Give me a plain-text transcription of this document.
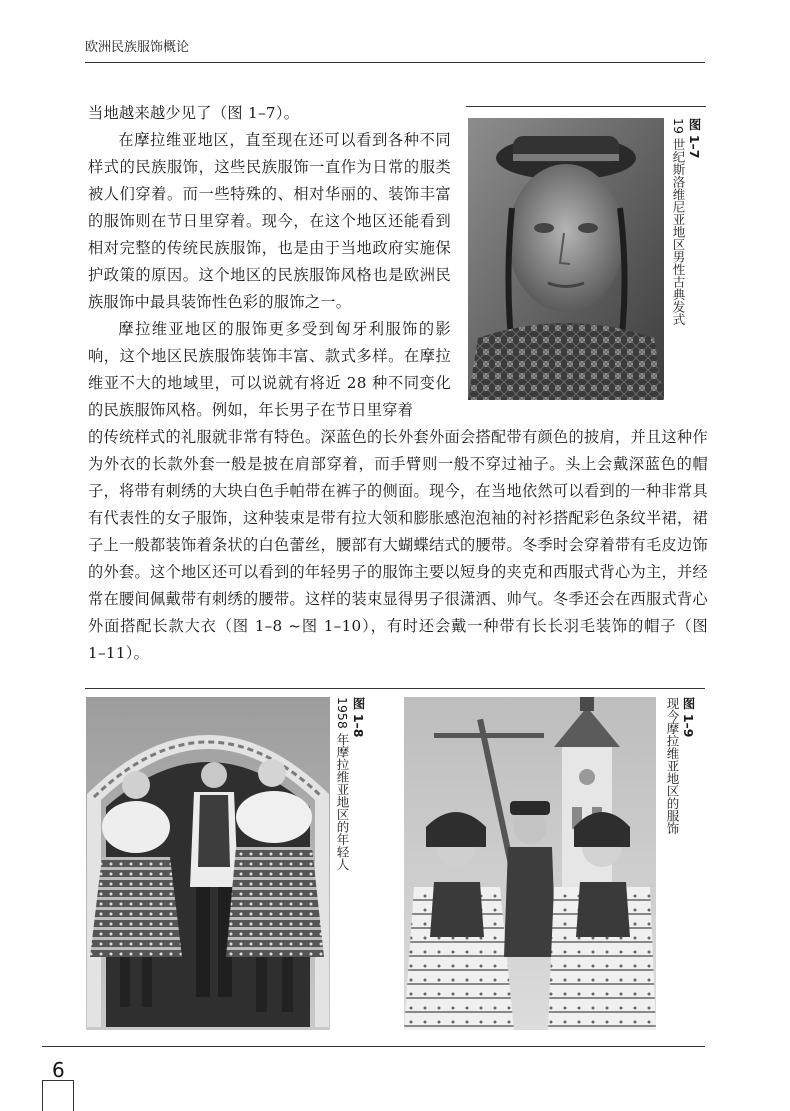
欧洲民族服饰概论
图 1–7
19 世纪斯洛维尼亚地区男性古典发式

当地越来越少见了（图 1–7）。

在摩拉维亚地区，直至现在还可以看到各种不同样式的民族服饰，这些民族服饰一直作为日常的服类被人们穿着。而一些特殊的、相对华丽的、装饰丰富的服饰则在节日里穿着。现今，在这个地区还能看到相对完整的传统民族服饰，也是由于当地政府实施保护政策的原因。这个地区的民族服饰风格也是欧洲民族服饰中最具装饰性色彩的服饰之一。

摩拉维亚地区的服饰更多受到匈牙利服饰的影响，这个地区民族服饰装饰丰富、款式多样。在摩拉维亚不大的地域里，可以说就有将近 28 种不同变化的民族服饰风格。例如，年长男子在节日里穿着

的传统样式的礼服就非常有特色。深蓝色的长外套外面会搭配带有颜色的披肩，并且这种作为外衣的长款外套一般是披在肩部穿着，而手臂则一般不穿过袖子。头上会戴深蓝色的帽子，将带有刺绣的大块白色手帕带在裤子的侧面。现今，在当地依然可以看到的一种非常具有代表性的女子服饰，这种装束是带有拉大领和膨胀感泡泡袖的衬衫搭配彩色条纹半裙，裙子上一般都装饰着条状的白色蕾丝，腰部有大蝴蝶结式的腰带。冬季时会穿着带有毛皮边饰的外套。这个地区还可以看到的年轻男子的服饰主要以短身的夹克和西服式背心为主，并经常在腰间佩戴带有刺绣的腰带。这样的装束显得男子很潇洒、帅气。冬季还会在西服式背心外面搭配长款大衣（图 1–8 ~图 1–10），有时还会戴一种带有长长羽毛装饰的帽子（图 1–11）。

图 1–8
1958 年摩拉维亚地区的年轻人	图 1–9
现今摩拉维亚地区的服饰
6
